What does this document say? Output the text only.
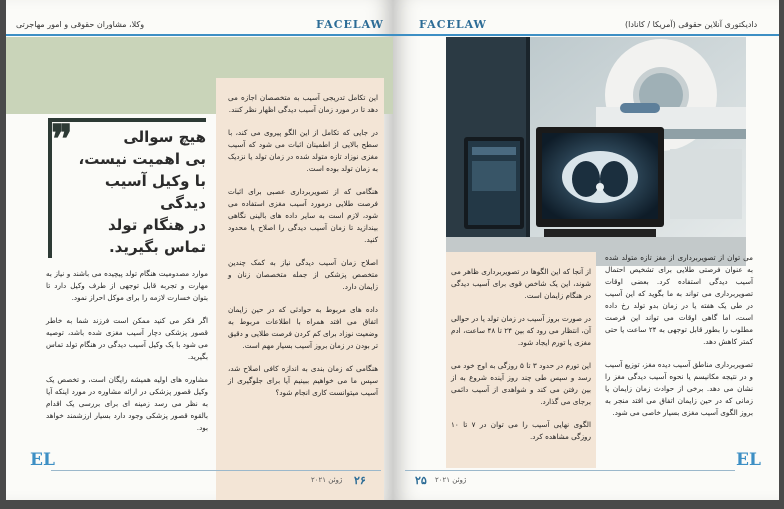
وکلا، مشاوران حقوقی و امور مهاجرتی	FACELAW
❞	هیچ سوالی
بی اهمیت نیست،
با وکیل آسیب دیدگی
در هنگام تولد
تماس بگیرید.

این تکامل تدریجی آسیب به متخصصان اجازه می دهد تا در مورد زمان آسیب دیدگی اظهار نظر کنند.

در جایی که تکامل از این الگو پیروی می کند، با سطح بالایی از اطمینان اثبات می شود که آسیب مغزی نوزاد تازه متولد شده در زمان تولد یا نزدیک به زمان تولد بوده است.

هنگامی که از تصویربرداری عصبی برای اثبات فرصت طلایی درمورد آسیب مغزی استفاده می شود، لازم است به سایر داده های بالینی نگاهی بیندازید تا زمان آسیب دیدگی را اصلاح یا محدود کنید.

اصلاح زمان آسیب دیدگی نیاز به کمک چندین متخصص پزشکی از جمله متخصصان زنان و زایمان دارد.

داده های مربوط به حوادثی که در حین زایمان اتفاق می افتد همراه با اطلاعات مربوط به وضعیت نوزاد برای کم کردن فرصت طلایی و دقیق تر بودن در زمان بروز آسیب بسیار مهم است.

هنگامی که زمان بندی به اندازه کافی اصلاح شد، سپس ما می خواهیم ببینیم آیا برای جلوگیری از آسیب میتوانست کاری انجام شود؟

موارد مصدومیت هنگام تولد پیچیده می باشند و نیاز به مهارت و تجربه قابل توجهی از طرف وکیل دارد تا بتوان خسارت لازمه را برای موکل احراز نمود.

اگر فکر می کنید ممکن است فرزند شما به خاطر قصور پزشکی دچار آسیب مغزی شده باشد، توصیه می شود با یک وکیل آسیب دیدگی در هنگام تولد تماس بگیرید.

مشاوره های اولیه همیشه رایگان است، و تخصص یک وکیل قصور پزشکی در ارائه مشاوره در مورد اینکه آیا به نظر می رسد زمینه ای برای بررسی یک اقدام بالقوه قصور پزشکی وجود دارد بسیار ارزشمند خواهد بود.

EL
۲۶
ژوئن ۲۰۲۱
FACELAW	دادیکتوری آنلاین حقوقی (آمریکا / کانادا)

از آنجا که این الگوها در تصویربرداری ظاهر می شوند، این یک شاخص قوی برای آسیب دیدگی در هنگام زایمان است.

در صورت بروز آسیب در زمان تولد یا در حوالی آن، انتظار می رود که بین ۲۴ تا ۴۸ ساعت، ادم مغزی یا تورم ایجاد شود.

این تورم در حدود ۳ تا ۵ روزگی به اوج خود می رسد و سپس طی چند روز آینده شروع به از بین رفتن می کند و شواهدی از آسیب دائمی برجای می گذارد.

الگوی نهایی آسیب را می توان در ۷ تا ۱۰ روزگی مشاهده کرد.

می توان از تصویربرداری از مغز تازه متولد شده به عنوان فرصتی طلایی برای تشخیص احتمال آسیب دیدگی استفاده کرد. بعضی اوقات تصویربرداری می تواند به ما بگوید که این آسیب در طی یک هفته یا در زمان بدو تولد رخ داده است، اما گاهی اوقات می تواند این فرصت مطلوب را بطور قابل توجهی به ۲۴ ساعت یا حتی کمتر کاهش دهد.

تصویربرداری مناطق آسیب دیده مغز، توزیع آسیب و در نتیجه مکانیسم یا نحوه آسیب دیدگی مغز را نشان می دهد. برخی از حوادث زمان زایمان یا زمانی که در حین زایمان اتفاق می افتد منجر به بروز الگوی آسیب مغزی بسیار خاصی می شود.

EL
۲۵ ژوئن ۲۰۲۱
